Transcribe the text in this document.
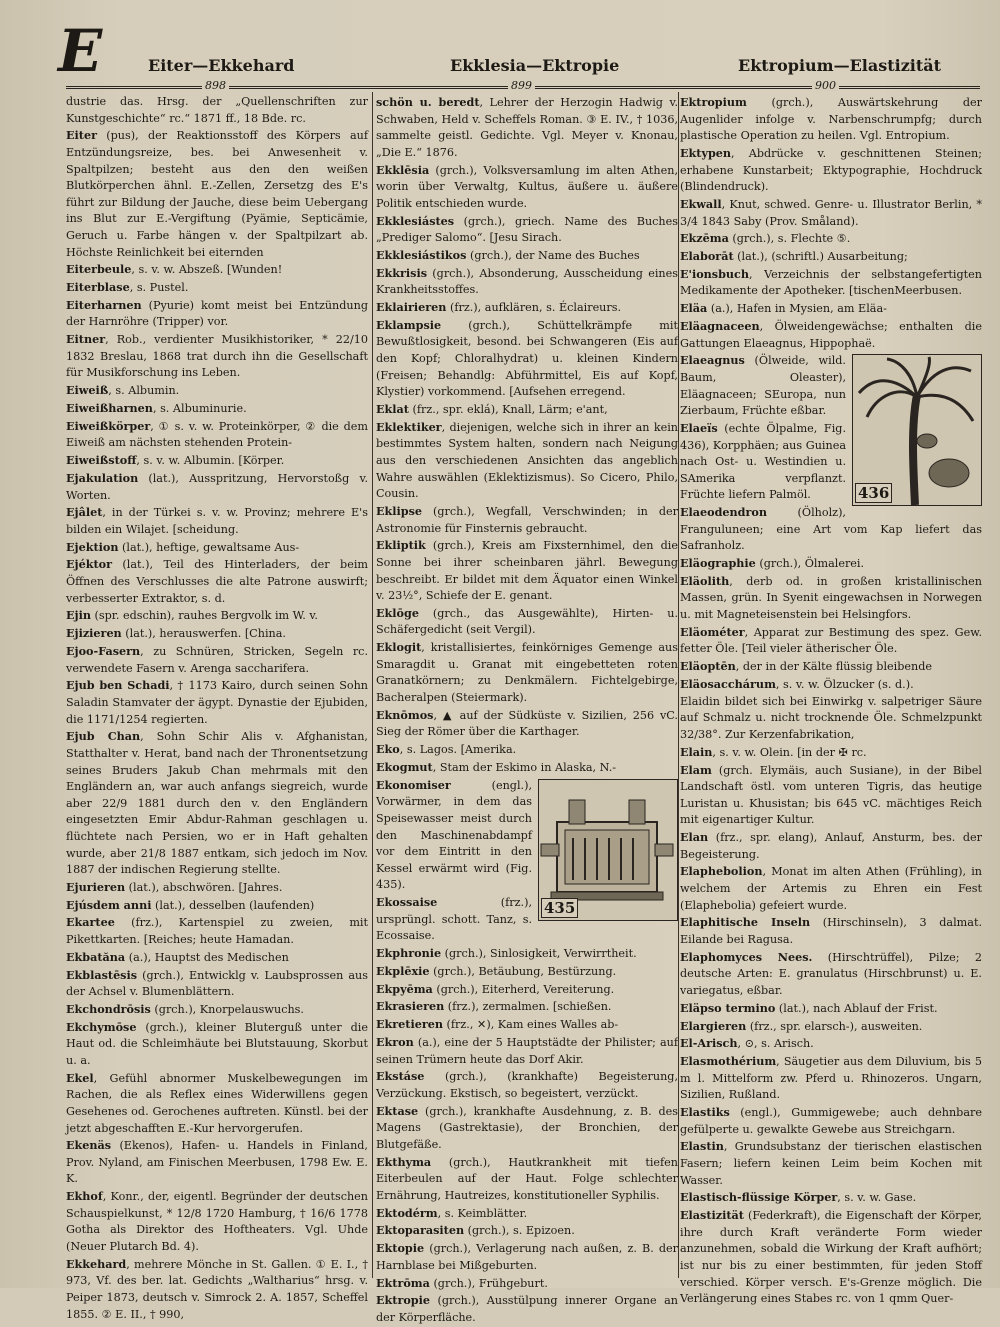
E	Eiter—Ekkehard	Ekklesia—Ektropie	Ektropium—Elastizität
898	899	900

dustrie das. Hrsg. der „Quellenschriften zur Kunstgeschichte“ rc.“ 1871 ff., 18 Bde. rc.

Eiter (pus), der Reaktionsstoff des Körpers auf Entzündungsreize, bes. bei Anwesenheit v. Spaltpilzen; besteht aus den den weißen Blutkörperchen ähnl. E.-Zellen, Zersetzg des E's führt zur Bildung der Jauche, diese beim Uebergang ins Blut zur E.-Vergiftung (Pyämie, Septicämie, Geruch u. Farbe hängen v. der Spaltpilzart ab. Höchste Reinlichkeit bei eiternden

Eiterbeule, s. v. w. Abszeß. [Wunden!

Eiterblase, s. Pustel.

Eiterharnen (Pyurie) komt meist bei Entzündung der Harnröhre (Tripper) vor.

Eitner, Rob., verdienter Musikhistoriker, * 22/10 1832 Breslau, 1868 trat durch ihn die Gesellschaft für Musikforschung ins Leben.

Eiweiß, s. Albumin.

Eiweißharnen, s. Albuminurie.

Eiweißkörper, ① s. v. w. Proteinkörper, ② die dem Eiweiß am nächsten stehenden Protein-

Eiweißstoff, s. v. w. Albumin. [Körper.

Ejakulation (lat.), Ausspritzung, Hervorstoßg v. Worten.

Ejâlet, in der Türkei s. v. w. Provinz; mehrere E's bilden ein Wilajet. [scheidung.

Ejektion (lat.), heftige, gewaltsame Aus-

Ejéktor (lat.), Teil des Hinterladers, der beim Öffnen des Verschlusses die alte Patrone auswirft; verbesserter Extraktor, s. d.

Ejin (spr. edschin), rauhes Bergvolk im W. v.

Ejizieren (lat.), herauswerfen. [China.

Ejoo-Fasern, zu Schnüren, Stricken, Segeln rc. verwendete Fasern v. Arenga saccharifera.

Ejub ben Schadi, † 1173 Kairo, durch seinen Sohn Saladin Stamvater der ägypt. Dynastie der Ejubiden, die 1171/1254 regierten.

Ejub Chan, Sohn Schir Alis v. Afghanistan, Statthalter v. Herat, band nach der Thronentsetzung seines Bruders Jakub Chan mehrmals mit den Engländern an, war auch anfangs siegreich, wurde aber 22/9 1881 durch den v. den Engländern eingesetzten Emir Abdur-Rahman geschlagen u. flüchtete nach Persien, wo er in Haft gehalten wurde, aber 21/8 1887 entkam, sich jedoch im Nov. 1887 der indischen Regierung stellte.

Ejurieren (lat.), abschwören. [Jahres.

Ejúsdem anni (lat.), desselben (laufenden)

Ekartee (frz.), Kartenspiel zu zweien, mit Pikettkarten. [Reiches; heute Hamadan.

Ekbatăna (a.), Hauptst des Medischen

Ekblastēsis (grch.), Entwicklg v. Laubsprossen aus der Achsel v. Blumenblättern.

Ekchondrōsis (grch.), Knorpelauswuchs.

Ekchymōse (grch.), kleiner Bluterguß unter die Haut od. die Schleimhäute bei Blutstauung, Skorbut u. a.

Ekel, Gefühl abnormer Muskelbewegungen im Rachen, die als Reflex eines Widerwillens gegen Gesehenes od. Gerochenes auftreten. Künstl. bei der jetzt abgeschafften E.-Kur hervorgerufen.

Ekenäs (Ekenos), Hafen- u. Handels in Finland, Prov. Nyland, am Finischen Meerbusen, 1798 Ew. E. K.

Ekhof, Konr., der, eigentl. Begründer der deutschen Schauspielkunst, * 12/8 1720 Hamburg, † 16/6 1778 Gotha als Direktor des Hoftheaters. Vgl. Uhde (Neuer Plutarch Bd. 4).

Ekkehard, mehrere Mönche in St. Gallen. ① E. I., † 973, Vf. des ber. lat. Gedichts „Waltharius“ hrsg. v. Peiper 1873, deutsch v. Simrock 2. A. 1857, Scheffel 1855. ② E. II., † 990,

schön u. beredt, Lehrer der Herzogin Hadwig v. Schwaben, Held v. Scheffels Roman. ③ E. IV., † 1036, sammelte geistl. Gedichte. Vgl. Meyer v. Knonau, „Die E.“ 1876.

Ekklēsia (grch.), Volksversamlung im alten Athen, worin über Verwaltg, Kultus, äußere u. äußere Politik entschieden wurde.

Ekklesiástes (grch.), griech. Name des Buches „Prediger Salomo“. [Jesu Sirach.

Ekklesiástikos (grch.), der Name des Buches

Ekkrisis (grch.), Absonderung, Ausscheidung eines Krankheitsstoffes.

Eklairieren (frz.), aufklären, s. Éclaireurs.

Eklampsie (grch.), Schüttelkrämpfe mit Bewußtlosigkeit, besond. bei Schwangeren (Eis auf den Kopf; Chloralhydrat) u. kleinen Kindern (Freisen; Behandlg: Abführmittel, Eis auf Kopf, Klystier) vorkommend. [Aufsehen erregend.

Eklat (frz., spr. eklá), Knall, Lärm; e'ant,

Eklektiker, diejenigen, welche sich in ihrer an kein bestimmtes System halten, sondern nach Neigung aus den verschiedenen Ansichten das angeblich Wahre auswählen (Eklektizismus). So Cicero, Philo, Cousin.

Eklipse (grch.), Wegfall, Verschwinden; in der Astronomie für Finsternis gebraucht.

Ekliptik (grch.), Kreis am Fixsternhimel, den die Sonne bei ihrer scheinbaren jährl. Bewegung beschreibt. Er bildet mit dem Äquator einen Winkel v. 23½°, Schiefe der E. genant.

Eklōge (grch., das Ausgewählte), Hirten- u. Schäfergedicht (seit Vergil).

Eklogit, kristallisiertes, feinkörniges Gemenge aus Smaragdit u. Granat mit eingebetteten roten Granatkörnern; zu Denkmälern. Fichtelgebirge, Bacheralpen (Steiermark).

Eknōmos, ▲ auf der Südküste v. Sizilien, 256 vC. Sieg der Römer über die Karthager.

Eko, s. Lagos. [Amerika.

Ekogmut, Stam der Eskimo in Alaska, N.-

435

Ekonomiser (engl.), Vorwärmer, in dem das Speisewasser meist durch den Maschinenabdampf vor dem Eintritt in den Kessel erwärmt wird (Fig. 435).

Ekossaise (frz.), ursprüngl. schott. Tanz, s. Ecossaise.

Ekphronie (grch.), Sinlosigkeit, Verwirrtheit.

Ekplēxie (grch.), Betäubung, Bestürzung.

Ekpyēma (grch.), Eiterherd, Vereiterung.

Ekrasieren (frz.), zermalmen. [schießen.

Ekretieren (frz., ✕), Kam eines Walles ab-

Ekron (a.), eine der 5 Hauptstädte der Philister; auf seinen Trümern heute das Dorf Akir.

Ekstáse (grch.), (krankhafte) Begeisterung, Verzückung. Ekstisch, so begeistert, verzückt.

Ektase (grch.), krankhafte Ausdehnung, z. B. des Magens (Gastrektasie), der Bronchien, der Blutgefäße.

Ekthyma (grch.), Hautkrankheit mit tiefen Eiterbeulen auf der Haut. Folge schlechter Ernährung, Hautreizes, konstitutioneller Syphilis.

Ektodérm, s. Keimblätter.

Ektoparasiten (grch.), s. Epizoen.

Ektopie (grch.), Verlagerung nach außen, z. B. der Harnblase bei Mißgeburten.

Ektrōma (grch.), Frühgeburt.

Ektropie (grch.), Ausstülpung innerer Organe an der Körperfläche.

Ektropium (grch.), Auswärtskehrung der Augenlider infolge v. Narbenschrumpfg; durch plastische Operation zu heilen. Vgl. Entropium.

Ektypen, Abdrücke v. geschnittenen Steinen; erhabene Kunstarbeit; Ektypographie, Hochdruck (Blindendruck).

Ekwall, Knut, schwed. Genre- u. Illustrator Berlin, * 3/4 1843 Saby (Prov. Småland).

Ekzēma (grch.), s. Flechte ⑤.

Elaborāt (lat.), (schriftl.) Ausarbeitung;

E'ionsbuch, Verzeichnis der selbstangefertigten Medikamente der Apotheker. [tischenMeerbusen.

Eläa (a.), Hafen in Mysien, am Eläa-

Eläagnaceen, Ölweidengewächse; enthalten die Gattungen Elaeagnus, Hippophaë.

436

Elaeagnus (Ölweide, wild. Baum, Oleaster), Eläagnaceen; SEuropa, nun Zierbaum, Früchte eßbar.

Elaeïs (echte Ölpalme, Fig. 436), Korpphäen; aus Guinea nach Ost- u. Westindien u. SAmerika verpflanzt. Früchte liefern Palmöl.

Elaeodendron (Ölholz), Franguluneen; eine Art vom Kap liefert das Safranholz.

Eläographie (grch.), Ölmalerei.

Eläolith, derb od. in großen kristallinischen Massen, grün. In Syenit eingewachsen in Norwegen u. mit Magneteisenstein bei Helsingfors.

Eläométer, Apparat zur Bestimung des spez. Gew. fetter Öle. [Teil vieler ätherischer Öle.

Eläoptēn, der in der Kälte flüssig bleibende

Eläosacchárum, s. v. w. Ölzucker (s. d.).

Elaidin bildet sich bei Einwirkg v. salpetriger Säure auf Schmalz u. nicht trocknende Öle. Schmelzpunkt 32/38°. Zur Kerzenfabrikation,

Elain, s. v. w. Olein. [in der ✠ rc.

Elam (grch. Elymäis, auch Susiane), in der Bibel Landschaft östl. vom unteren Tigris, das heutige Luristan u. Khusistan; bis 645 vC. mächtiges Reich mit eigenartiger Kultur.

Elan (frz., spr. elang), Anlauf, Ansturm, bes. der Begeisterung.

Elaphebolion, Monat im alten Athen (Frühling), in welchem der Artemis zu Ehren ein Fest (Elaphebolia) gefeiert wurde.

Elaphitische Inseln (Hirschinseln), 3 dalmat. Eilande bei Ragusa.

Elaphomyces Nees. (Hirschtrüffel), Pilze; 2 deutsche Arten: E. granulatus (Hirschbrunst) u. E. variegatus, eßbar.

Eläpso termino (lat.), nach Ablauf der Frist.

Elargieren (frz., spr. elarsch-), ausweiten.

El-Arisch, ⊙, s. Arisch.

Elasmothérium, Säugetier aus dem Diluvium, bis 5 m l. Mittelform zw. Pferd u. Rhinozeros. Ungarn, Sizilien, Rußland.

Elastiks (engl.), Gummigewebe; auch dehnbare gefülperte u. gewalkte Gewebe aus Streichgarn.

Elastin, Grundsubstanz der tierischen elastischen Fasern; liefern keinen Leim beim Kochen mit Wasser.

Elastisch-flüssige Körper, s. v. w. Gase.

Elastizität (Federkraft), die Eigenschaft der Körper, ihre durch Kraft veränderte Form wieder anzunehmen, sobald die Wirkung der Kraft aufhört; ist nur bis zu einer bestimmten, für jeden Stoff verschied. Körper versch. E's-Grenze möglich. Die Verlängerung eines Stabes rc. von 1 qmm Quer-
